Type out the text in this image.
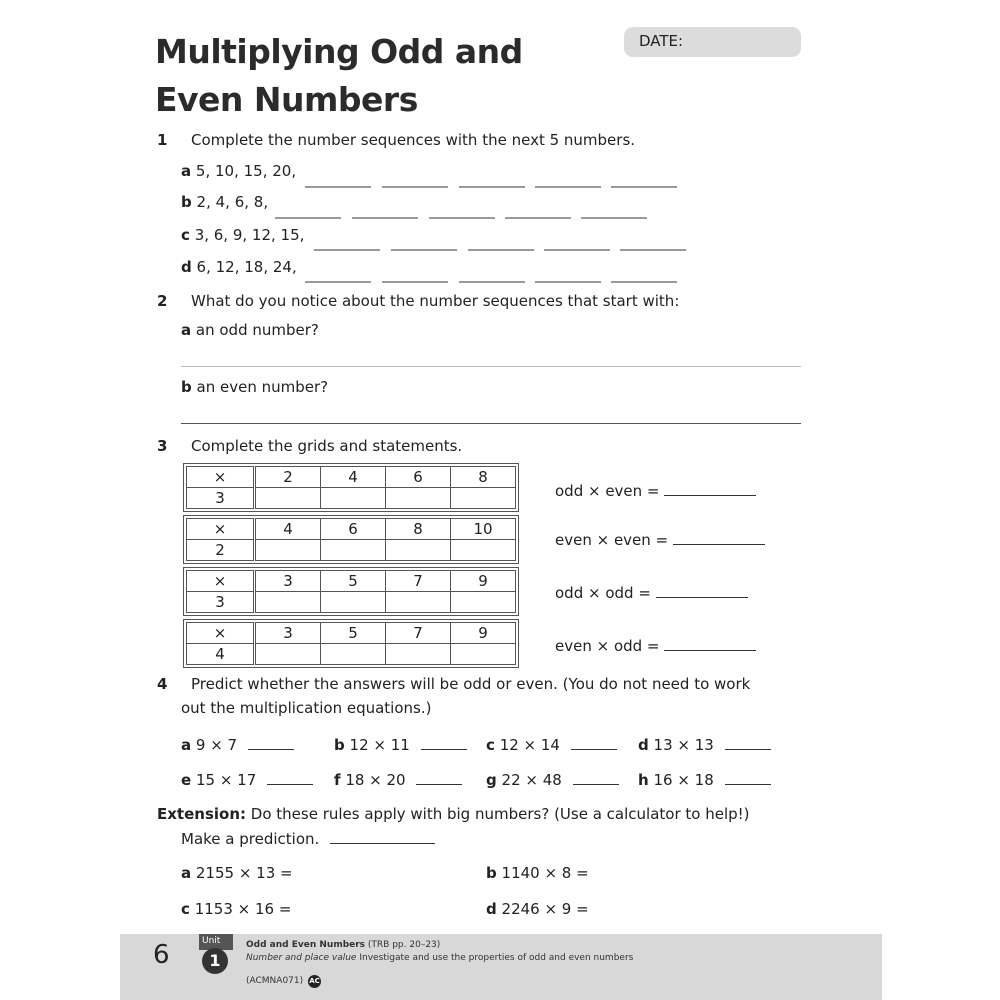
Multiplying Odd and
Even Numbers
DATE:
1 Complete the number sequences with the next 5 numbers.
a 5, 10, 15, 20,
b 2, 4, 6, 8,
c 3, 6, 9, 12, 15,
d 6, 12, 18, 24,
2 What do you notice about the number sequences that start with:
a an odd number?
b an even number?
3 Complete the grids and statements.
×	2	4	6	8
3					odd × even =
×	4	6	8	10
2				
even × even =
×	3	5	7	9
3					odd × odd =
×	3	5	7	9
4					even × odd =
4 Predict whether the answers will be odd or even. (You do not need to work
out the multiplication equations.)
a 9 × 7	b 12 × 11	c 12 × 14	d 13 × 13
e 15 × 17	f 18 × 20	g 22 × 48	h 16 × 18
Extension: Do these rules apply with big numbers? (Use a calculator to help!)
Make a prediction.
a 2155 × 13 =	b 1140 × 8 =
c 1153 × 16 =	d 2246 × 9 =
6	Unit
1
Odd and Even Numbers (TRB pp. 20–23)
Number and place value Investigate and use the properties of odd and even numbers
(ACMNA071) AC
